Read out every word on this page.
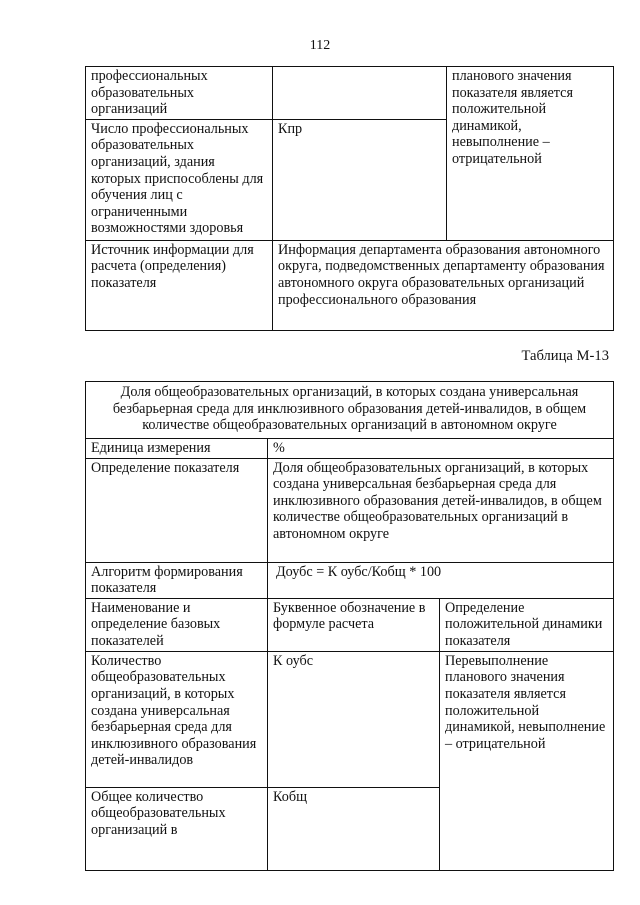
112
профессиональных образовательных организаций		планового значения показателя является положительной динамикой, невыполнение – отрицательной
Число профессиональных образовательных организаций, здания которых приспособлены для обучения лиц с ограниченными возможностями здоровья	Кпр	
Источник информации для расчета (определения) показателя	Информация департамента образования автономного округа, подведомственных департаменту образования автономного округа образовательных организаций профессионального образования	
Таблица М-13
Доля общеобразовательных организаций, в которых создана универсальная безбарьерная среда для инклюзивного образования детей-инвалидов, в общем количестве общеобразовательных организаций в автономном округе		
Единица измерения	%	
Определение показателя	Доля общеобразовательных организаций, в которых создана универсальная безбарьерная среда для инклюзивного образования детей-инвалидов, в общем количестве общеобразовательных организаций в автономном округе	
Алгоритм формирования показателя	Доубс = К оубс/Кобщ * 100	
Наименование и определение базовых показателей	Буквенное обозначение в формуле расчета	Определение положительной динамики показателя
Количество общеобразовательных организаций, в которых создана универсальная безбарьерная среда для инклюзивного образования детей-инвалидов	К оубс	Перевыполнение планового значения показателя является положительной динамикой, невыполнение – отрицательной
Общее количество общеобразовательных организаций в	Кобщ	
